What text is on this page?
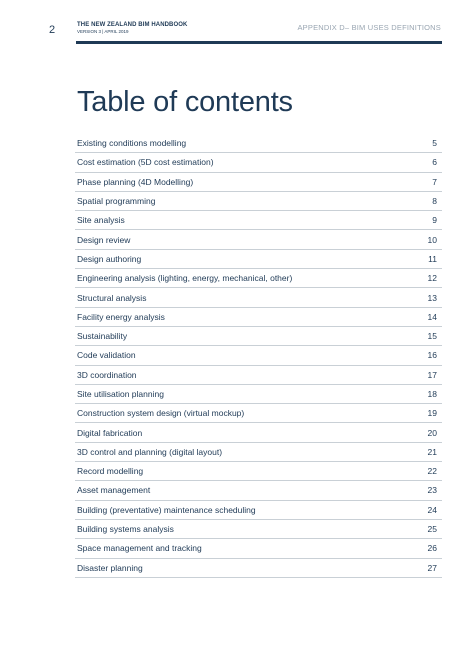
2	THE NEW ZEALAND BIM HANDBOOK
VERSION 3 | APRIL 2019	APPENDIX D– BIM USES DEFINITIONS
Table of contents
Existing conditions modelling	5
Cost estimation (5D cost estimation)	6
Phase planning (4D Modelling)	7
Spatial programming	8
Site analysis	9
Design review	10
Design authoring	11
Engineering analysis (lighting, energy, mechanical, other)	12
Structural analysis	13
Facility energy analysis	14
Sustainability	15
Code validation	16
3D coordination	17
Site utilisation planning	18
Construction system design (virtual mockup)	19
Digital fabrication	20
3D control and planning (digital layout)	21
Record modelling	22
Asset management	23
Building (preventative) maintenance scheduling	24
Building systems analysis	25
Space management and tracking	26
Disaster planning	27
